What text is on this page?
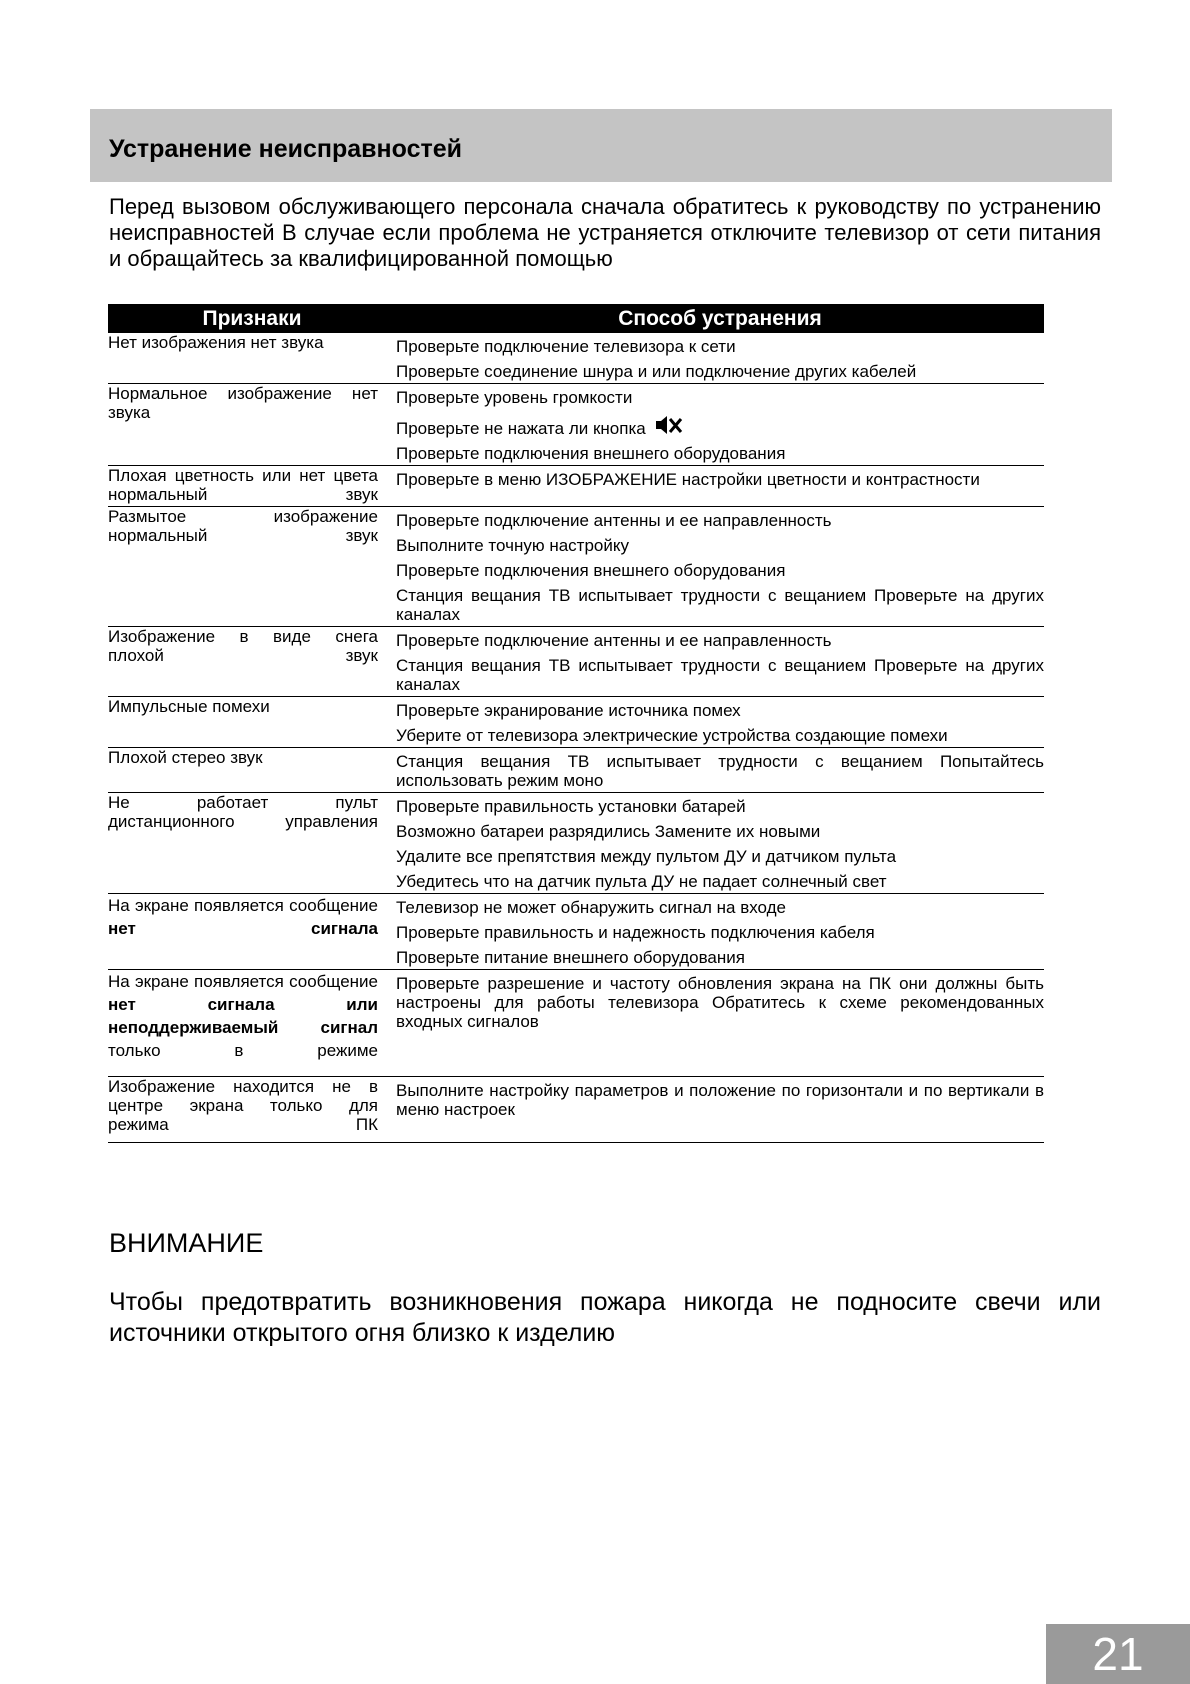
Устранение неисправностей

Перед вызовом обслуживающего персонала сначала обратитесь к руководству по устранению неисправностей В случае если проблема не устраняется отключите телевизор от сети питания и обращайтесь за квалифицированной помощью

Признаки	Способ устранения
Нет изображения нет звука	Проверьте подключение телевизора к сети
Проверьте соединение шнура и или подключение других кабелей

Нормальное изображение нет звука	Проверьте уровень громкости
Проверьте не нажата ли кнопка
Проверьте подключения внешнего оборудования

Плохая цветность или нет цвета нормальный звук	Проверьте в меню ИЗОБРАЖЕНИЕ настройки цветности и контрастности

Размытое изображение нормальный звук	Проверьте подключение антенны и ее направленность
Выполните точную настройку
Проверьте подключения внешнего оборудования
Станция вещания ТВ испытывает трудности с вещанием Проверьте на других каналах

Изображение в виде снега плохой звук	Проверьте подключение антенны и ее направленность
Станция вещания ТВ испытывает трудности с вещанием Проверьте на других каналах

Импульсные помехи	Проверьте экранирование источника помех
Уберите от телевизора электрические устройства создающие помехи

Плохой стерео звук	Станция вещания ТВ испытывает трудности с вещанием Попытайтесь использовать режим моно

Не работает пульт дистанционного управления	Проверьте правильность установки батарей
Возможно батареи разрядились Замените их новыми
Удалите все препятствия между пультом ДУ и датчиком пульта
Убедитесь что на датчик пульта ДУ не падает солнечный свет

На экране появляется сообщение нет сигнала	Телевизор не может обнаружить сигнал на входе
Проверьте правильность и надежность подключения кабеля
Проверьте питание внешнего оборудования

На экране появляется сообщение нет сигнала или неподдерживаемый сигнал только в режиме	Проверьте разрешение и частоту обновления экрана на ПК они должны быть настроены для работы телевизора Обратитесь к схеме рекомендованных входных сигналов

Изображение находится не в центре экрана только для режима ПК	Выполните настройку параметров и положение по горизонтали и по вертикали в меню настроек
ВНИМАНИЕ

Чтобы предотвратить возникновения пожара никогда не подносите свечи или источники открытого огня близко к изделию

21
